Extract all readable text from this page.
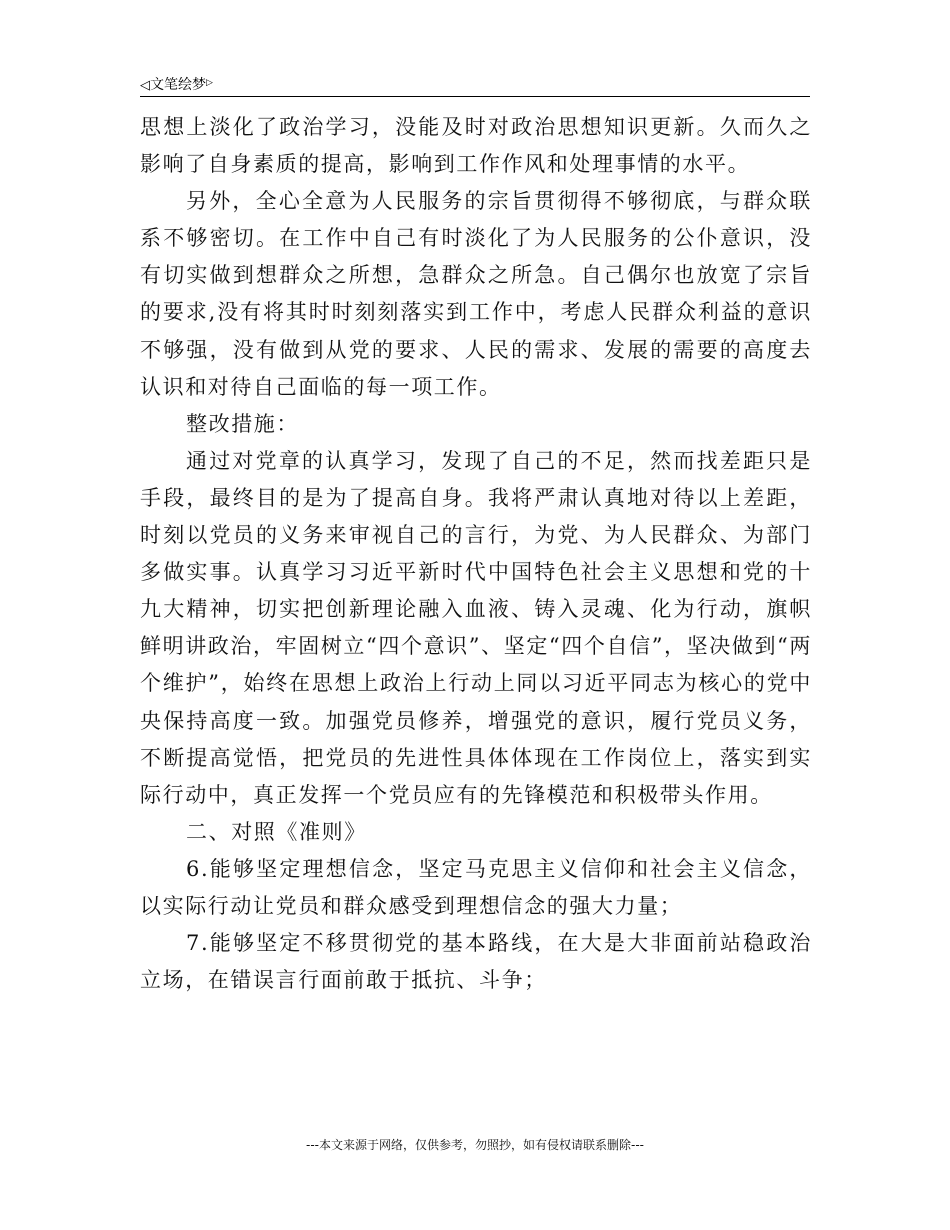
◁文笔绘梦▷

思想上淡化了政治学习，没能及时对政治思想知识更新。久而久之影响了自身素质的提高，影响到工作作风和处理事情的水平。

另外，全心全意为人民服务的宗旨贯彻得不够彻底，与群众联系不够密切。在工作中自己有时淡化了为人民服务的公仆意识，没有切实做到想群众之所想，急群众之所急。自己偶尔也放宽了宗旨的要求,没有将其时时刻刻落实到工作中，考虑人民群众利益的意识不够强，没有做到从党的要求、人民的需求、发展的需要的高度去认识和对待自己面临的每一项工作。

整改措施：

通过对党章的认真学习，发现了自己的不足，然而找差距只是手段，最终目的是为了提高自身。我将严肃认真地对待以上差距，时刻以党员的义务来审视自己的言行，为党、为人民群众、为部门多做实事。认真学习习近平新时代中国特色社会主义思想和党的十九大精神，切实把创新理论融入血液、铸入灵魂、化为行动，旗帜鲜明讲政治，牢固树立“四个意识”、坚定“四个自信”，坚决做到“两个维护”，始终在思想上政治上行动上同以习近平同志为核心的党中央保持高度一致。加强党员修养，增强党的意识，履行党员义务，不断提高觉悟，把党员的先进性具体体现在工作岗位上，落实到实际行动中，真正发挥一个党员应有的先锋模范和积极带头作用。

二、对照《准则》

6.能够坚定理想信念，坚定马克思主义信仰和社会主义信念，以实际行动让党员和群众感受到理想信念的强大力量；

7.能够坚定不移贯彻党的基本路线，在大是大非面前站稳政治立场，在错误言行面前敢于抵抗、斗争；

---本文来源于网络，仅供参考，勿照抄，如有侵权请联系删除---
